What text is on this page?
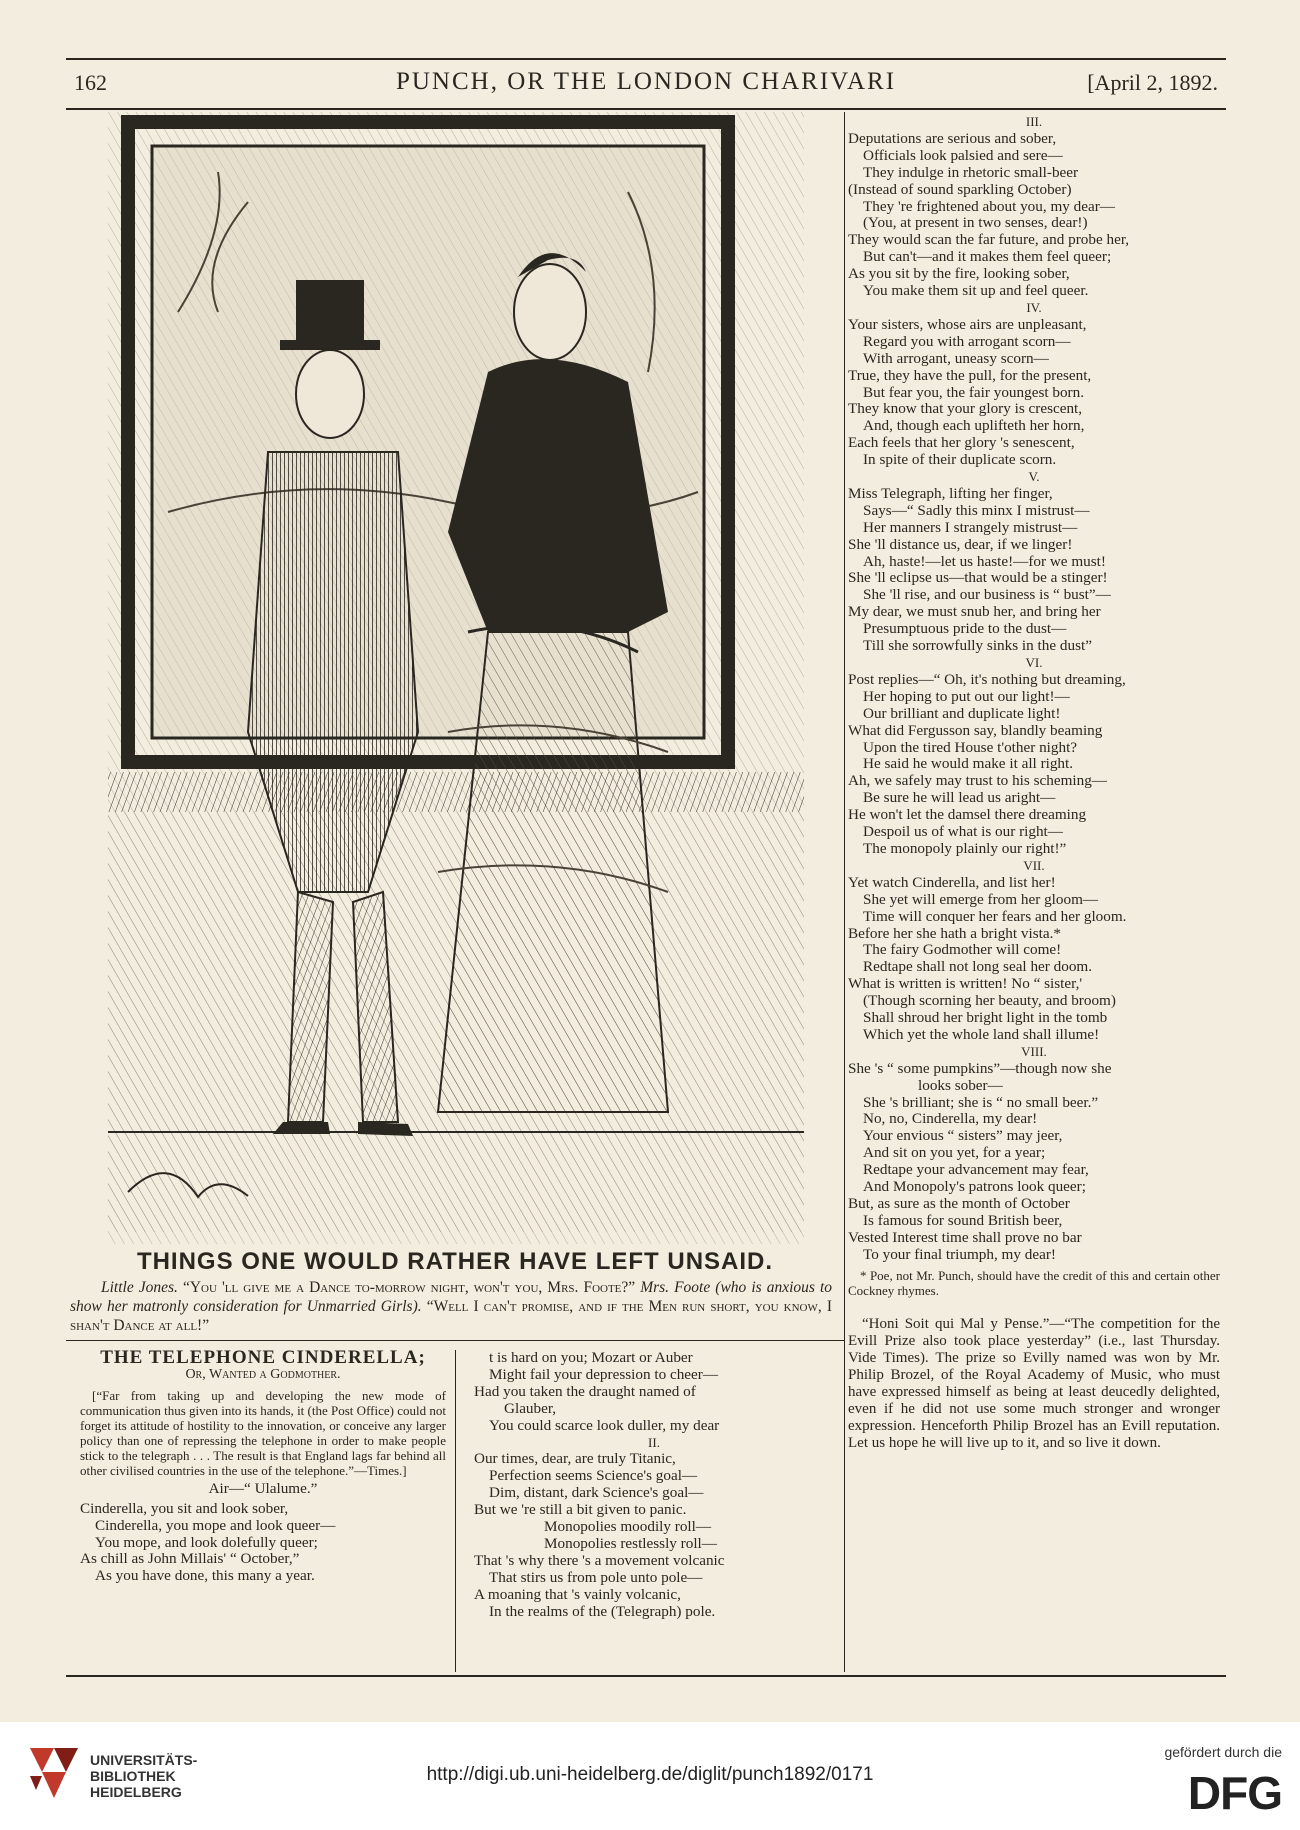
162	PUNCH, OR THE LONDON CHARIVARI	[April 2, 1892.
THINGS ONE WOULD RATHER HAVE LEFT UNSAID.
  Little Jones. “You 'll give me a Dance to-morrow night, won't you, Mrs. Foote?” Mrs. Foote (who is anxious to show her matronly consideration for Unmarried Girls). “Well I can't promise, and if the Men run short, you know, I shan't Dance at all!”

THE TELEPHONE CINDERELLA;

Or, Wanted a Godmother.

[“Far from taking up and developing the new mode of communication thus given into its hands, it (the Post Office) could not forget its attitude of hostility to the innovation, or conceive any larger policy than one of repressing the telephone in order to make people stick to the telegraph . . . The result is that England lags far behind all other civilised countries in the use of the telephone.”—Times.]

Air—“ Ulalume.”

Cinderella, you sit and look sober,

Cinderella, you mope and look queer—

You mope, and look dolefully queer;

As chill as John Millais' “ October,”

As you have done, this many a year.

t is hard on you; Mozart or Auber

Might fail your depression to cheer—

Had you taken the draught named of

Glauber,

You could scarce look duller, my dear

II.

Our times, dear, are truly Titanic,

Perfection seems Science's goal—

Dim, distant, dark Science's goal—

But we 're still a bit given to panic.

Monopolies moodily roll—

Monopolies restlessly roll—

That 's why there 's a movement volcanic

That stirs us from pole unto pole—

A moaning that 's vainly volcanic,

In the realms of the (Telegraph) pole.

III.

Deputations are serious and sober,

Officials look palsied and sere—

They indulge in rhetoric small-beer

(Instead of sound sparkling October)

They 're frightened about you, my dear—

(You, at present in two senses, dear!)

They would scan the far future, and probe her,

But can't—and it makes them feel queer;

As you sit by the fire, looking sober,

You make them sit up and feel queer.

IV.

Your sisters, whose airs are unpleasant,

Regard you with arrogant scorn—

With arrogant, uneasy scorn—

True, they have the pull, for the present,

But fear you, the fair youngest born.

They know that your glory is crescent,

And, though each uplifteth her horn,

Each feels that her glory 's senescent,

In spite of their duplicate scorn.

V.

Miss Telegraph, lifting her finger,

Says—“ Sadly this minx I mistrust—

Her manners I strangely mistrust—

She 'll distance us, dear, if we linger!

Ah, haste!—let us haste!—for we must!

She 'll eclipse us—that would be a stinger!

She 'll rise, and our business is “ bust”—

My dear, we must snub her, and bring her

Presumptuous pride to the dust—

Till she sorrowfully sinks in the dust”

VI.

Post replies—“ Oh, it's nothing but dreaming,

Her hoping to put out our light!—

Our brilliant and duplicate light!

What did Fergusson say, blandly beaming

Upon the tired House t'other night?

He said he would make it all right.

Ah, we safely may trust to his scheming—

Be sure he will lead us aright—

He won't let the damsel there dreaming

Despoil us of what is our right—

The monopoly plainly our right!”

VII.

Yet watch Cinderella, and list her!

She yet will emerge from her gloom—

Time will conquer her fears and her gloom.

Before her she hath a bright vista.*

The fairy Godmother will come!

Redtape shall not long seal her doom.

What is written is written! No “ sister,'

(Though scorning her beauty, and broom)

Shall shroud her bright light in the tomb

Which yet the whole land shall illume!

VIII.

She 's “ some pumpkins”—though now she

looks sober—

She 's brilliant; she is “ no small beer.”

No, no, Cinderella, my dear!

Your envious “ sisters” may jeer,

And sit on you yet, for a year;

Redtape your advancement may fear,

And Monopoly's patrons look queer;

But, as sure as the month of October

Is famous for sound British beer,

Vested Interest time shall prove no bar

To your final triumph, my dear!

* Poe, not Mr. Punch, should have the credit of this and certain other Cockney rhymes.

“Honi Soit qui Mal y Pense.”—“The competition for the Evill Prize also took place yesterday” (i.e., last Thursday. Vide Times). The prize so Evilly named was won by Mr. Philip Brozel, of the Royal Academy of Music, who must have expressed himself as being at least deucedly delighted, even if he did not use some much stronger and wronger expression. Henceforth Philip Brozel has an Evill reputation. Let us hope he will live up to it, and so live it down.

UNIVERSITÄTS-
BIBLIOTHEK
HEIDELBERG
http://digi.ub.uni-heidelberg.de/diglit/punch1892/0171
gefördert durch die
DFG
